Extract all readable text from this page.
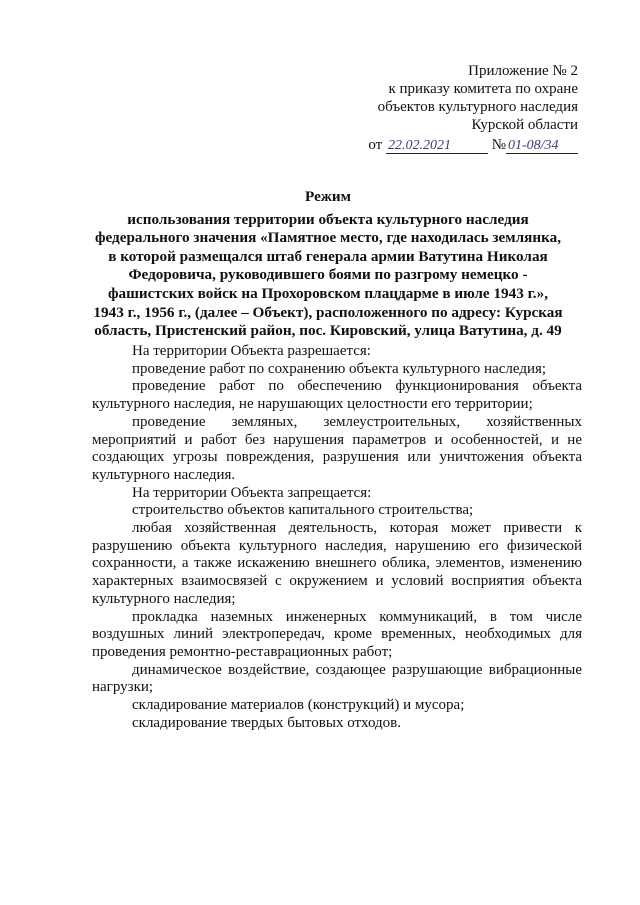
Приложение № 2
к приказу комитета по охране
объектов культурного наследия
Курской области
от 22.02.2021	№ 01-08/34
Режим
использования территории объекта культурного наследия федерального значения «Памятное место, где находилась землянка, в которой размещался штаб генерала армии Ватутина Николая Федоровича, руководившего боями по разгрому немецко - фашистских войск на Прохоровском плацдарме в июле 1943 г.», 1943 г., 1956 г., (далее – Объект), расположенного по адресу: Курская область, Пристенский район, пос. Кировский, улица Ватутина, д. 49

На территории Объекта разрешается:

проведение работ по сохранению объекта культурного наследия;

проведение работ по обеспечению функционирования объекта культурного наследия, не нарушающих целостности его территории;

проведение земляных, землеустроительных, хозяйственных мероприятий и работ без нарушения параметров и особенностей, и не создающих угрозы повреждения, разрушения или уничтожения объекта культурного наследия.

На территории Объекта запрещается:

строительство объектов капитального строительства;

любая хозяйственная деятельность, которая может привести к разрушению объекта культурного наследия, нарушению его физической сохранности, а также искажению внешнего облика, элементов, изменению характерных взаимосвязей с окружением и условий восприятия объекта культурного наследия;

прокладка наземных инженерных коммуникаций, в том числе воздушных линий электропередач, кроме временных, необходимых для проведения ремонтно-реставрационных работ;

динамическое воздействие, создающее разрушающие вибрационные нагрузки;

складирование материалов (конструкций) и мусора;

складирование твердых бытовых отходов.
